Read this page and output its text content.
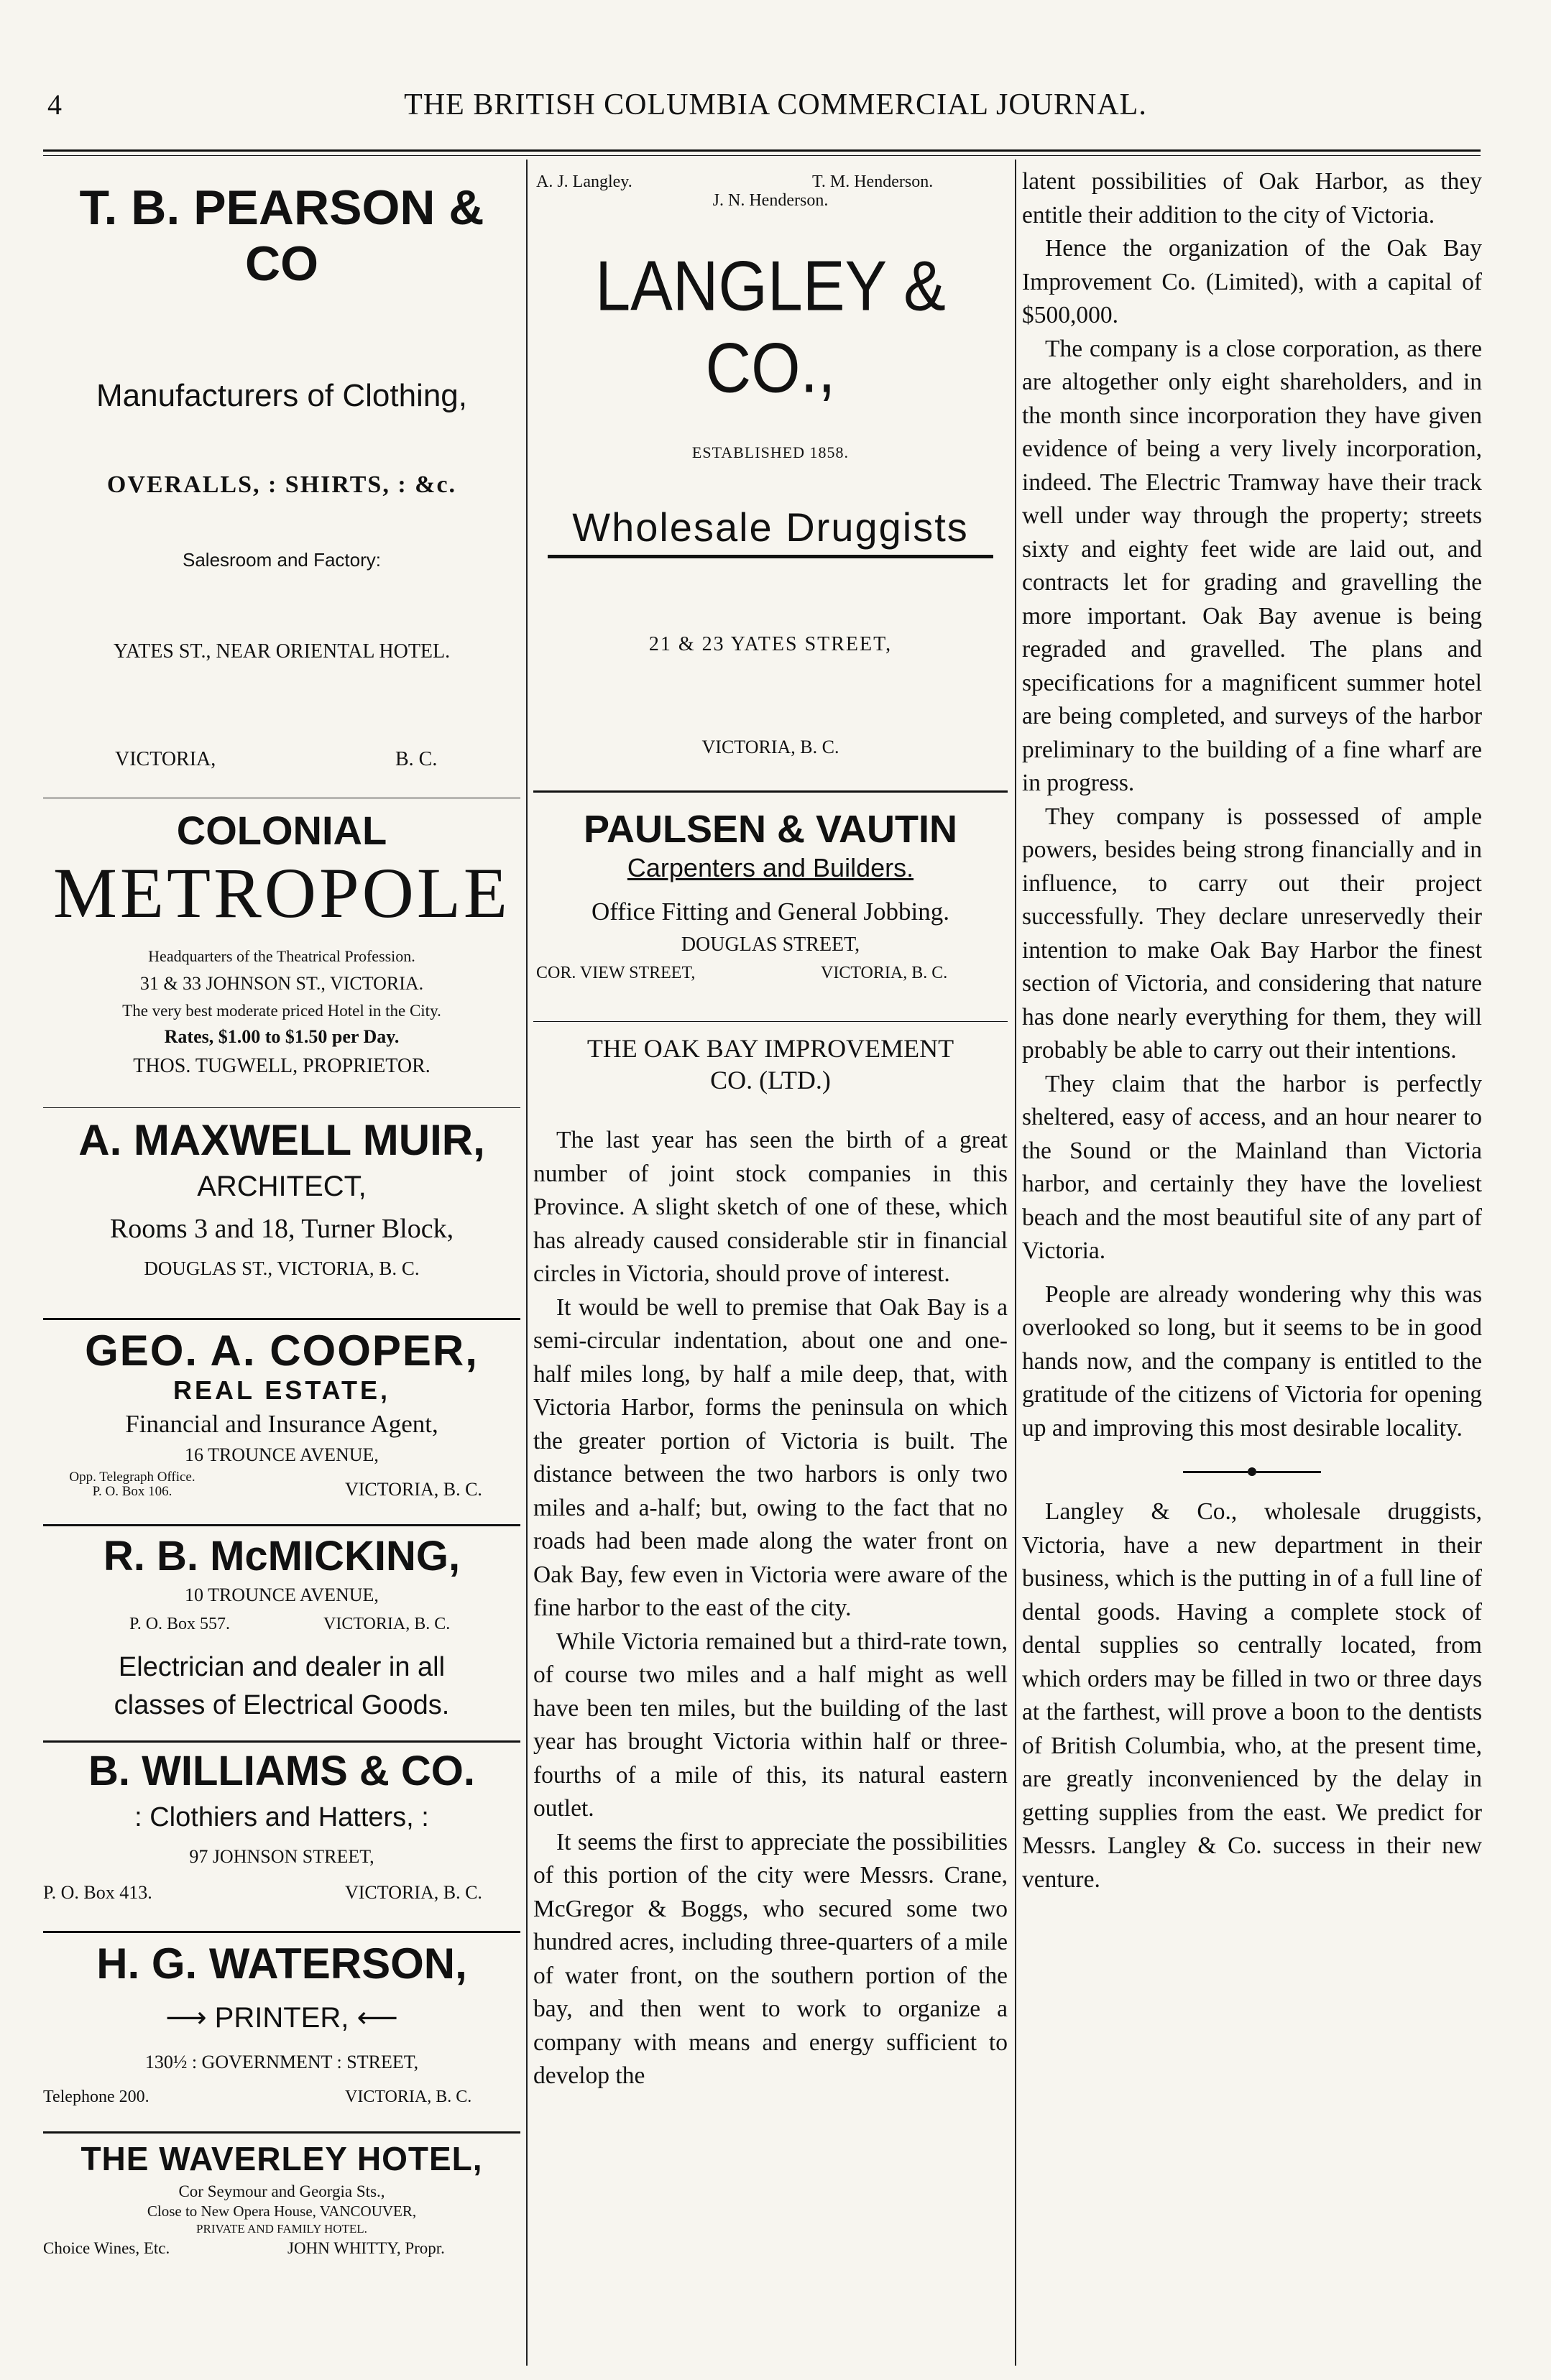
4	THE BRITISH COLUMBIA COMMERCIAL JOURNAL.
T. B. PEARSON & CO
Manufacturers of Clothing,
OVERALLS, : SHIRTS, : &c.
Salesroom and Factory:
YATES ST., NEAR ORIENTAL HOTEL.
VICTORIA,	B. C.
COLONIAL
METROPOLE
Headquarters of the Theatrical Profession.
31 & 33 JOHNSON ST., VICTORIA.
The very best moderate priced Hotel in the City.
Rates, $1.00 to $1.50 per Day.
THOS. TUGWELL, PROPRIETOR.
A. MAXWELL MUIR,
ARCHITECT,
Rooms 3 and 18, Turner Block,
DOUGLAS ST., VICTORIA, B. C.
GEO. A. COOPER,
REAL ESTATE,
Financial and Insurance Agent,
16 TROUNCE AVENUE,
Opp. Telegraph Office.
P. O. Box 106.	VICTORIA, B. C.
R. B. McMICKING,
10 TROUNCE AVENUE,
P. O. Box 557.	VICTORIA, B. C.
Electrician and dealer in all
classes of Electrical Goods.
B. WILLIAMS & CO.
: Clothiers and Hatters, :
97 JOHNSON STREET,
P. O. Box 413.	VICTORIA, B. C.
H. G. WATERSON,
⟶ PRINTER, ⟵
130½ : GOVERNMENT : STREET,
Telephone 200.	VICTORIA, B. C.
THE WAVERLEY HOTEL,
Cor Seymour and Georgia Sts.,
Close to New Opera House, VANCOUVER,
PRIVATE AND FAMILY HOTEL.
Choice Wines, Etc.	JOHN WHITTY, Propr.
A. J. Langley.	T. M. Henderson.
J. N. Henderson.
LANGLEY & CO.,
ESTABLISHED 1858.
Wholesale Druggists
21 & 23 YATES STREET,
VICTORIA, B. C.
PAULSEN & VAUTIN
Carpenters and Builders.
Office Fitting and General Jobbing.
DOUGLAS STREET,
COR. VIEW STREET,	VICTORIA, B. C.
THE OAK BAY IMPROVEMENT
CO. (LTD.)

The last year has seen the birth of a great number of joint stock companies in this Province. A slight sketch of one of these, which has already caused considerable stir in financial circles in Victoria, should prove of interest.

It would be well to premise that Oak Bay is a semi-circular indentation, about one and one-half miles long, by half a mile deep, that, with Victoria Harbor, forms the peninsula on which the greater portion of Victoria is built. The distance between the two harbors is only two miles and a-half; but, owing to the fact that no roads had been made along the water front on Oak Bay, few even in Victoria were aware of the fine harbor to the east of the city.

While Victoria remained but a third-rate town, of course two miles and a half might as well have been ten miles, but the building of the last year has brought Victoria within half or three-fourths of a mile of this, its natural eastern outlet.

It seems the first to appreciate the possibilities of this portion of the city were Messrs. Crane, McGregor & Boggs, who secured some two hundred acres, including three-quarters of a mile of water front, on the southern portion of the bay, and then went to work to organize a company with means and energy sufficient to develop the

latent possibilities of Oak Harbor, as they entitle their addition to the city of Victoria.

Hence the organization of the Oak Bay Improvement Co. (Limited), with a capital of $500,000.

The company is a close corporation, as there are altogether only eight shareholders, and in the month since incorporation they have given evidence of being a very lively incorporation, indeed. The Electric Tramway have their track well under way through the property; streets sixty and eighty feet wide are laid out, and contracts let for grading and gravelling the more important. Oak Bay avenue is being regraded and gravelled. The plans and specifications for a magnificent summer hotel are being completed, and surveys of the harbor preliminary to the building of a fine wharf are in progress.

They company is possessed of ample powers, besides being strong financially and in influence, to carry out their project successfully. They declare unreservedly their intention to make Oak Bay Harbor the finest section of Victoria, and considering that nature has done nearly everything for them, they will probably be able to carry out their intentions.

They claim that the harbor is perfectly sheltered, easy of access, and an hour nearer to the Sound or the Mainland than Victoria harbor, and certainly they have the loveliest beach and the most beautiful site of any part of Victoria.

People are already wondering why this was overlooked so long, but it seems to be in good hands now, and the company is entitled to the gratitude of the citizens of Victoria for opening up and improving this most desirable locality.

Langley & Co., wholesale druggists, Victoria, have a new department in their business, which is the putting in of a full line of dental goods. Having a complete stock of dental supplies so centrally located, from which orders may be filled in two or three days at the farthest, will prove a boon to the dentists of British Columbia, who, at the present time, are greatly inconvenienced by the delay in getting supplies from the east. We predict for Messrs. Langley & Co. success in their new venture.
